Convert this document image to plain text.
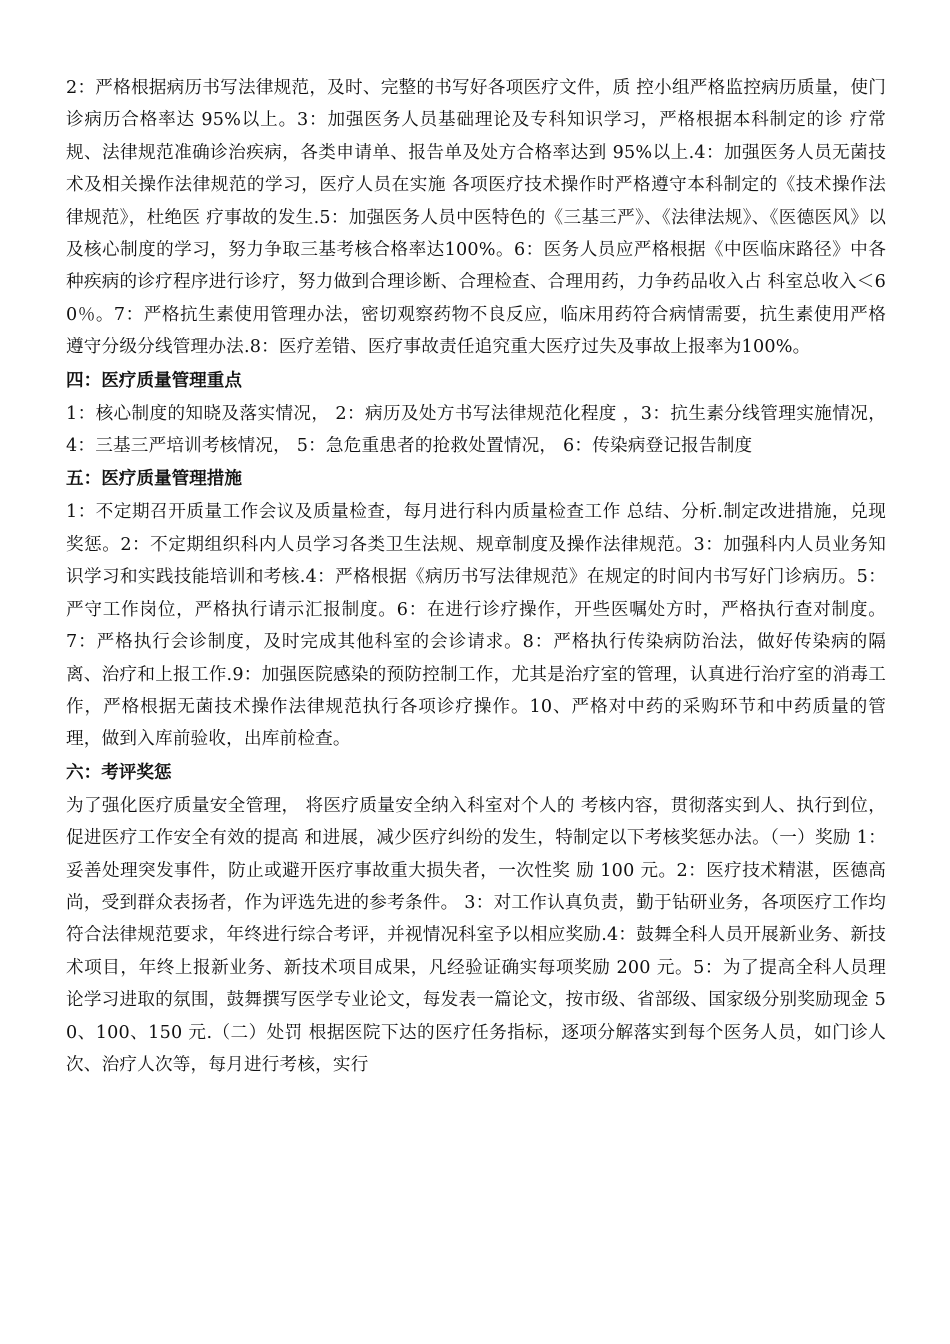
2：严格根据病历书写法律规范，及时、完整的书写好各项医疗文件，质 控小组严格监控病历质量，使门诊病历合格率达 95%以上。3：加强医务人员基础理论及专科知识学习，严格根据本科制定的诊 疗常规、法律规范准确诊治疾病，各类申请单、报告单及处方合格率达到 95%以上.4：加强医务人员无菌技术及相关操作法律规范的学习，医疗人员在实施 各项医疗技术操作时严格遵守本科制定的《技术操作法律规范》，杜绝医 疗事故的发生.5：加强医务人员中医特色的《三基三严》、《法律法规》、《医德医风》以及核心制度的学习，努力争取三基考核合格率达100%。6：医务人员应严格根据《中医临床路径》中各种疾病的诊疗程序进行诊疗，努力做到合理诊断、合理检查、合理用药，力争药品收入占 科室总收入＜60％。7：严格抗生素使用管理办法，密切观察药物不良反应，临床用药符合病情需要，抗生素使用严格遵守分级分线管理办法.8：医疗差错、医疗事故责任追究重大医疗过失及事故上报率为100%。

四：医疗质量管理重点

1：核心制度的知晓及落实情况， 2：病历及处方书写法律规范化程度 ，3：抗生素分线管理实施情况， 4：三基三严培训考核情况， 5：急危重患者的抢救处置情况， 6：传染病登记报告制度

五：医疗质量管理措施

1：不定期召开质量工作会议及质量检查，每月进行科内质量检查工作 总结、分析.制定改进措施，兑现奖惩。2：不定期组织科内人员学习各类卫生法规、规章制度及操作法律规范。3：加强科内人员业务知识学习和实践技能培训和考核.4：严格根据《病历书写法律规范》在规定的时间内书写好门诊病历。5：严守工作岗位，严格执行请示汇报制度。6：在进行诊疗操作，开些医嘱处方时，严格执行查对制度。7：严格执行会诊制度，及时完成其他科室的会诊请求。8：严格执行传染病防治法，做好传染病的隔离、治疗和上报工作.9：加强医院感染的预防控制工作，尤其是治疗室的管理，认真进行治疗室的消毒工作，严格根据无菌技术操作法律规范执行各项诊疗操作。10、严格对中药的采购环节和中药质量的管理，做到入库前验收，出库前检查。

六：考评奖惩

为了强化医疗质量安全管理， 将医疗质量安全纳入科室对个人的 考核内容，贯彻落实到人、执行到位，促进医疗工作安全有效的提高 和进展，减少医疗纠纷的发生，特制定以下考核奖惩办法。（一）奖励 1：妥善处理突发事件，防止或避开医疗事故重大损失者，一次性奖 励 100 元。2：医疗技术精湛，医德高尚，受到群众表扬者，作为评选先进的参考条件。 3：对工作认真负责，勤于钻研业务，各项医疗工作均符合法律规范要求，年终进行综合考评，并视情况科室予以相应奖励.4：鼓舞全科人员开展新业务、新技术项目，年终上报新业务、新技术项目成果，凡经验证确实每项奖励 200 元。5：为了提高全科人员理论学习进取的氛围，鼓舞撰写医学专业论文，每发表一篇论文，按市级、省部级、国家级分别奖励现金 50、100、150 元.（二）处罚 根据医院下达的医疗任务指标，逐项分解落实到每个医务人员，如门诊人次、治疗人次等，每月进行考核，实行
